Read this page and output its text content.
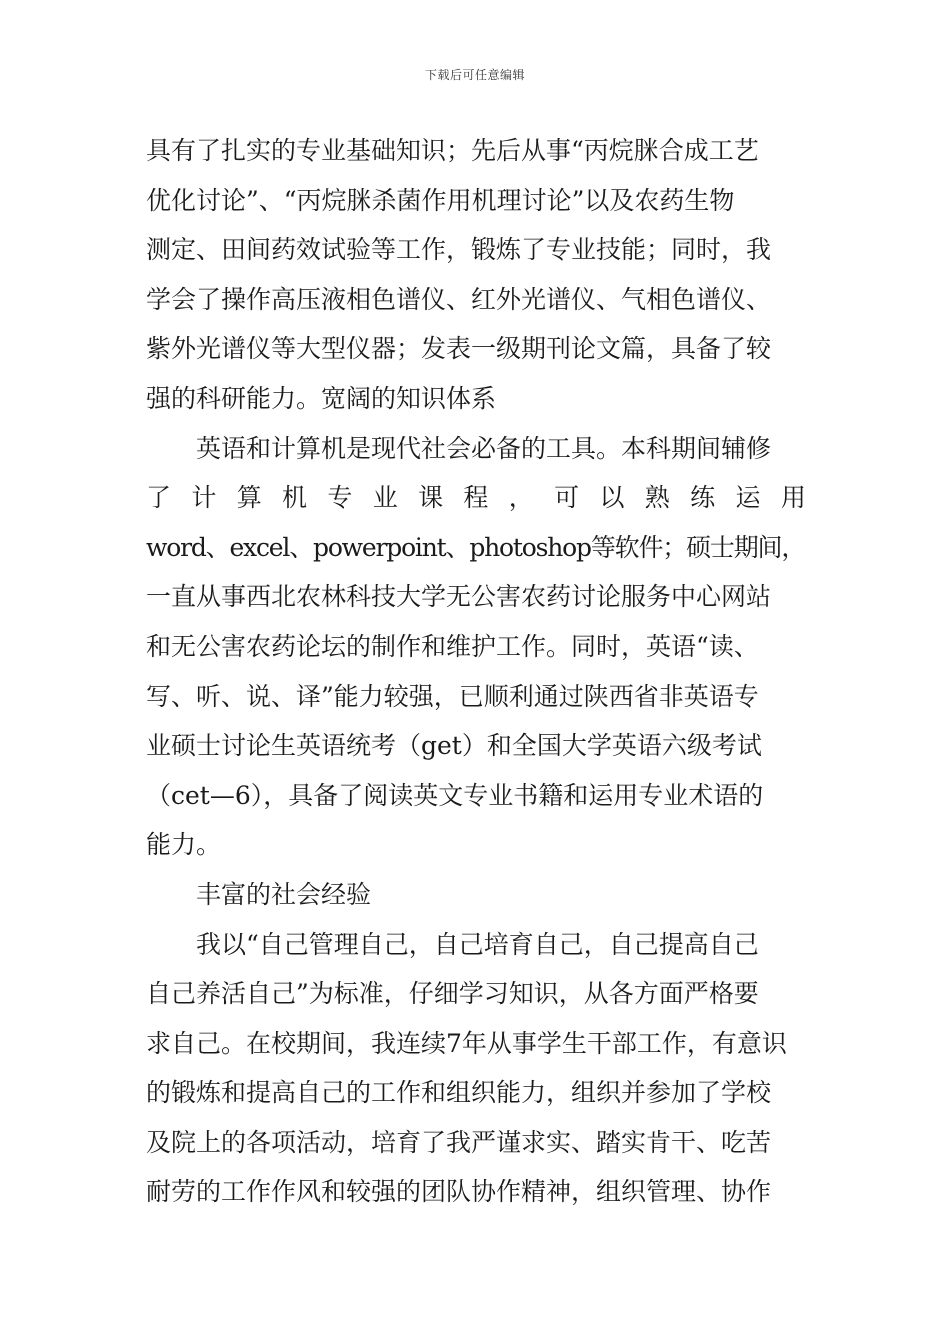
下载后可任意编辑
具有了扎实的专业基础知识；先后从事“丙烷脒合成工艺
优化讨论”、“丙烷脒杀菌作用机理讨论”以及农药生物
测定、田间药效试验等工作，锻炼了专业技能；同时，我
学会了操作高压液相色谱仪、红外光谱仪、气相色谱仪、
紫外光谱仪等大型仪器；发表一级期刊论文篇，具备了较
强的科研能力。宽阔的知识体系
英语和计算机是现代社会必备的工具。本科期间辅修
了 计 算 机 专 业 课 程 ， 可 以 熟 练 运 用
word、excel、powerpoint、photoshop等软件；硕士期间，
一直从事西北农林科技大学无公害农药讨论服务中心网站
和无公害农药论坛的制作和维护工作。同时，英语“读、
写、听、说、译”能力较强，已顺利通过陕西省非英语专
业硕士讨论生英语统考（get）和全国大学英语六级考试
（cet—6），具备了阅读英文专业书籍和运用专业术语的
能力。
丰富的社会经验
我以“自己管理自己，自己培育自己，自己提高自己
自己养活自己”为标准，仔细学习知识，从各方面严格要
求自己。在校期间，我连续7年从事学生干部工作，有意识
的锻炼和提高自己的工作和组织能力，组织并参加了学校
及院上的各项活动，培育了我严谨求实、踏实肯干、吃苦
耐劳的工作作风和较强的团队协作精神，组织管理、协作
